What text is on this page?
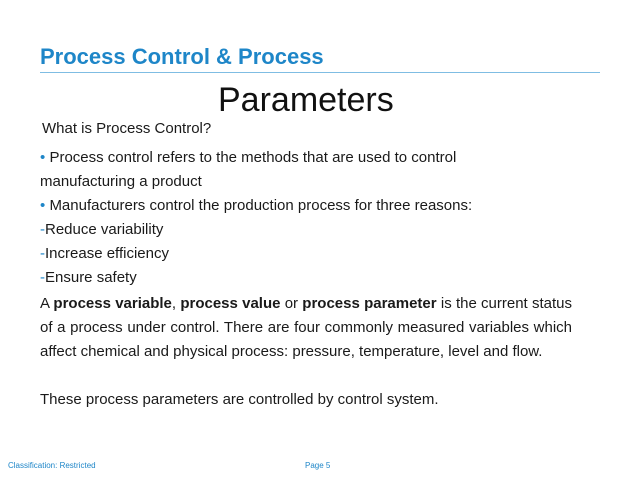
Process Control & Process
Parameters
What is Process Control?
• Process control refers to the methods that are used to control
manufacturing a product
• Manufacturers control the production process for three reasons:
-Reduce variability
-Increase efficiency
-Ensure safety
A process variable, process value or process parameter is the current status of a process under control. There are four commonly measured variables which affect chemical and physical process: pressure, temperature, level and flow.
These process parameters are controlled by control system.
Classification: Restricted	Page 5
